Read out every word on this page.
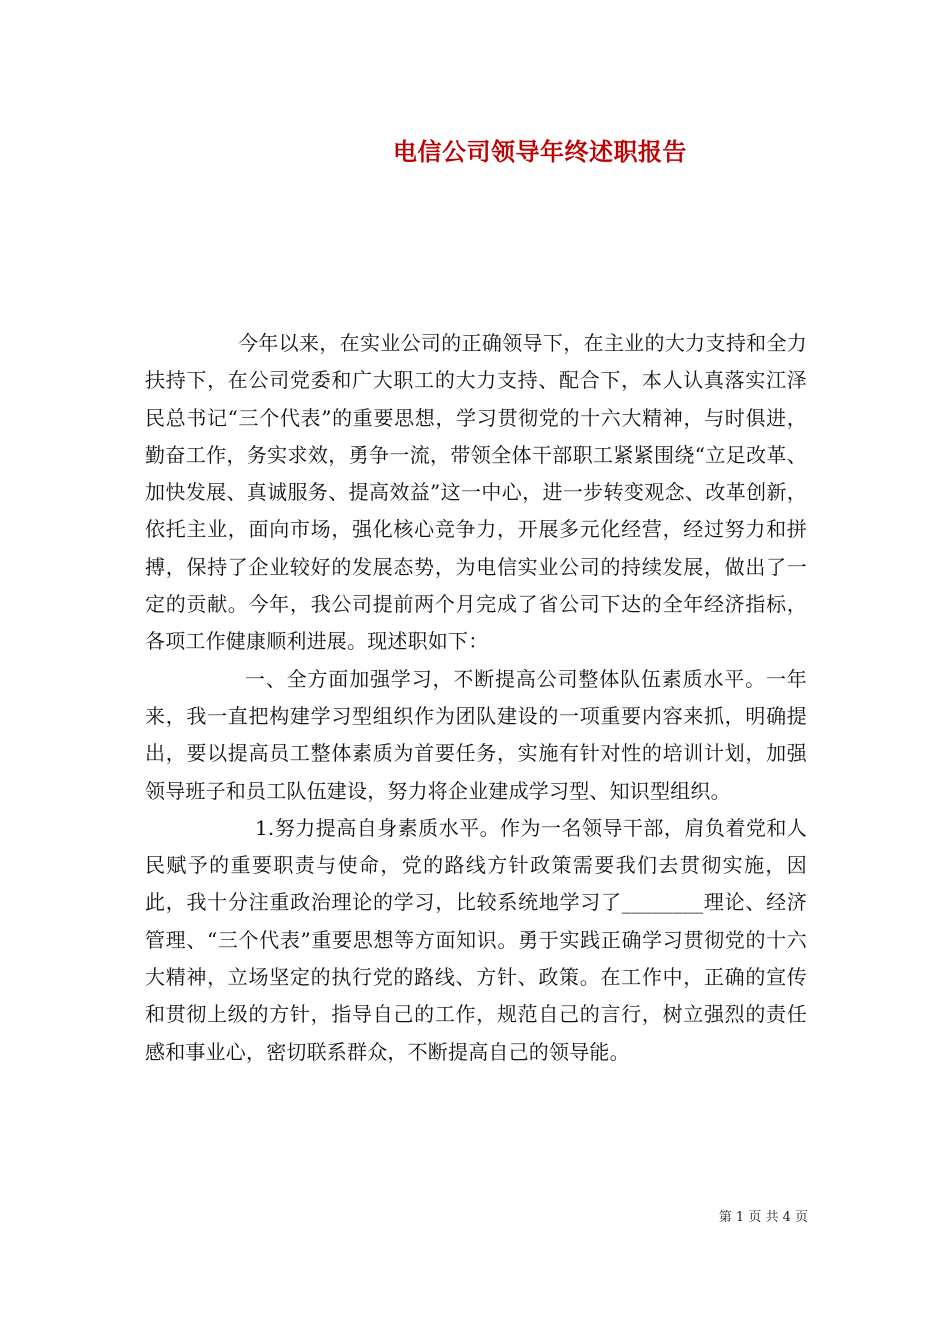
电信公司领导年终述职报告

今年以来，在实业公司的正确领导下，在主业的大力支持和全力扶持下，在公司党委和广大职工的大力支持、配合下，本人认真落实江泽民总书记“三个代表”的重要思想，学习贯彻党的十六大精神，与时俱进，勤奋工作，务实求效，勇争一流，带领全体干部职工紧紧围绕“立足改革、加快发展、真诚服务、提高效益”这一中心，进一步转变观念、改革创新，依托主业，面向市场，强化核心竞争力，开展多元化经营，经过努力和拼搏，保持了企业较好的发展态势，为电信实业公司的持续发展，做出了一定的贡献。今年，我公司提前两个月完成了省公司下达的全年经济指标，各项工作健康顺利进展。现述职如下：

一、全方面加强学习，不断提高公司整体队伍素质水平。一年来，我一直把构建学习型组织作为团队建设的一项重要内容来抓，明确提出，要以提高员工整体素质为首要任务，实施有针对性的培训计划，加强领导班子和员工队伍建设，努力将企业建成学习型、知识型组织。

1.努力提高自身素质水平。作为一名领导干部，肩负着党和人民赋予的重要职责与使命，党的路线方针政策需要我们去贯彻实施，因此，我十分注重政治理论的学习，比较系统地学习了________理论、经济管理、“三个代表”重要思想等方面知识。勇于实践正确学习贯彻党的十六大精神，立场坚定的执行党的路线、方针、政策。在工作中，正确的宣传和贯彻上级的方针，指导自己的工作，规范自己的言行，树立强烈的责任感和事业心，密切联系群众，不断提高自己的领导能。

第 1 页 共 4 页
